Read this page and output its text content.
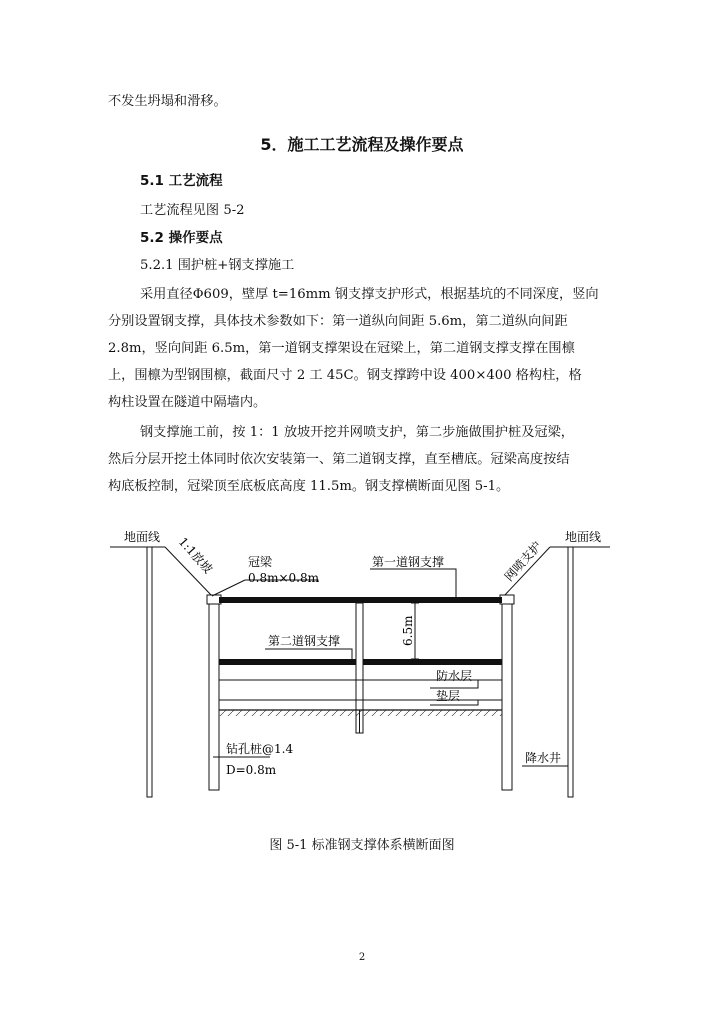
不发生坍塌和滑移。
5．施工工艺流程及操作要点
5.1 工艺流程
工艺流程见图 5-2
5.2 操作要点
5.2.1 围护桩+钢支撑施工
采用直径Φ609，壁厚 t=16mm 钢支撑支护形式，根据基坑的不同深度，竖向
分别设置钢支撑，具体技术参数如下：第一道纵向间距 5.6m，第二道纵向间距
2.8m，竖向间距 6.5m，第一道钢支撑架设在冠梁上，第二道钢支撑支撑在围檩
上，围檩为型钢围檩，截面尺寸 2 工 45C。钢支撑跨中设 400×400 格构柱，格
构柱设置在隧道中隔墙内。
钢支撑施工前，按 1：1 放坡开挖并网喷支护，第二步施做围护桩及冠梁，
然后分层开挖土体同时依次安装第一、第二道钢支撑，直至槽底。冠梁高度按结
构底板控制，冠梁顶至底板底高度 11.5m。钢支撑横断面见图 5-1。
地面线	地面线
1:1放坡	网喷支护
冠梁
0.8m×0.8m
第一道钢支撑
第二道钢支撑	6.5m
防水层
垫层
钻孔桩@1.4
D=0.8m
降水井
图 5-1 标准钢支撑体系横断面图
2
